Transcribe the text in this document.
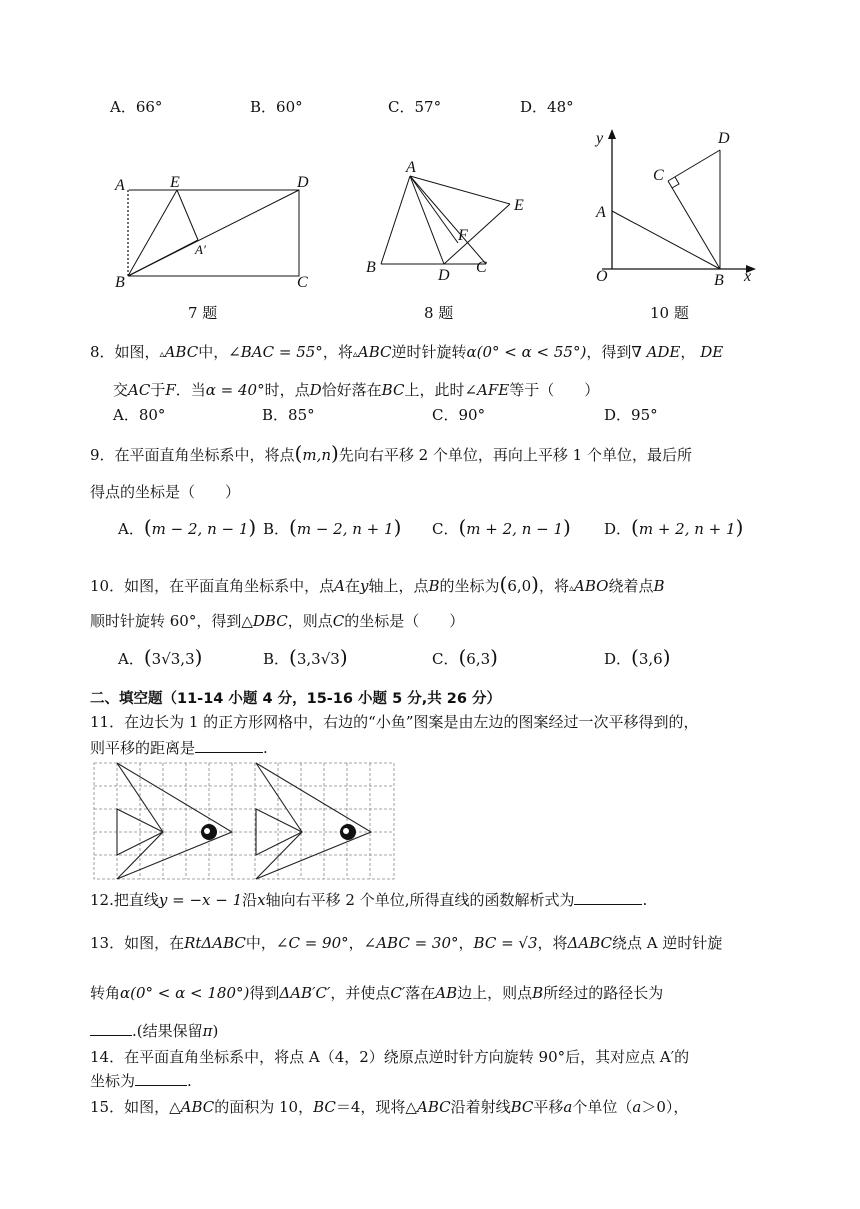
A．66°	B．60°	C．57°	D．48°
A	E	D
A′
B	C
7 题
A
E
F
B	D C
8 题
y	D
C
A
O	B x
10 题
8．如图，▵ABC中，∠BAC = 55°，将▵ABC逆时针旋转α(0° < α < 55°)，得到∇ ADE， DE
交AC于F．当α = 40°时，点D恰好落在BC上，此时∠AFE等于（　　）
A．80°	B．85°	C．90°	D．95°
9．在平面直角坐标系中，将点(m,n)先向右平移 2 个单位，再向上平移 1 个单位，最后所
得点的坐标是（　　）
A．(m − 2, n − 1) B．(m − 2, n + 1) C．(m + 2, n − 1) D．(m + 2, n + 1)
10．如图，在平面直角坐标系中，点A在y轴上，点B的坐标为(6,0)，将▵ABO绕着点B
顺时针旋转 60°，得到△DBC，则点C的坐标是（　　）
A．(3√3,3)	B．(3,3√3)	C．(6,3)	D．(3,6)
二、填空题（11-14 小题 4 分，15-16 小题 5 分,共 26 分）
11．在边长为 1 的正方形网格中，右边的“小鱼”图案是由左边的图案经过一次平移得到的，
则平移的距离是	.
12.把直线y = −x − 1沿x轴向右平移 2 个单位,所得直线的函数解析式为	.
13．如图，在RtΔABC中，∠C = 90°，∠ABC = 30°，BC = √3，将ΔABC绕点 A 逆时针旋
转角α(0° < α < 180°)得到ΔAB′C′，并使点C′落在AB边上，则点B所经过的路径长为
.(结果保留π)
14．在平面直角坐标系中，将点 A（4，2）绕原点逆时针方向旋转 90°后，其对应点 A′的
坐标为	.
15．如图，△ABC的面积为 10，BC＝4，现将△ABC沿着射线BC平移a个单位（a＞0），
